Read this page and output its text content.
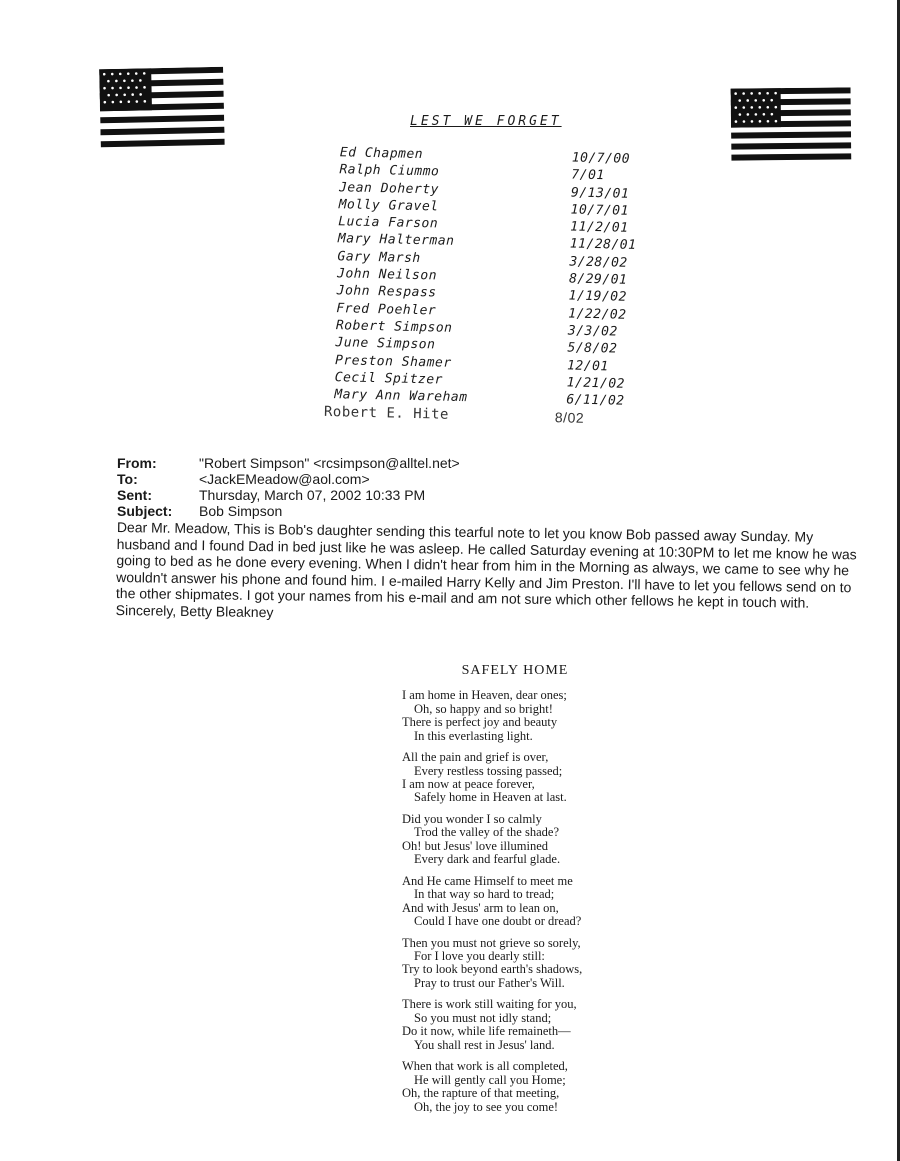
LEST WE FORGET
Ed Chapmen	10/7/00
Ralph Ciummo	7/01
Jean Doherty	9/13/01
Molly Gravel	10/7/01
Lucia Farson	11/2/01
Mary Halterman	11/28/01
Gary Marsh	3/28/02
John Neilson	8/29/01
John Respass	1/19/02
Fred Poehler	1/22/02
Robert Simpson	3/3/02
June Simpson	5/8/02
Preston Shamer	12/01
Cecil Spitzer	1/21/02
Mary Ann Wareham	6/11/02
Robert E. Hite	8/02
From:	"Robert Simpson" <rcsimpson@alltel.net>
To:	<JackEMeadow@aol.com>
Sent:	Thursday, March 07, 2002 10:33 PM
Subject:	Bob Simpson
Dear Mr. Meadow, This is Bob's daughter sending this tearful note to let you know Bob passed away Sunday. My husband and I found Dad in bed just like he was asleep. He called Saturday evening at 10:30PM to let me know he was going to bed as he done every evening. When I didn't hear from him in the Morning as always, we came to see why he wouldn't answer his phone and found him. I e-mailed Harry Kelly and Jim Preston. I'll have to let you fellows send on to the other shipmates. I got your names from his e-mail and am not sure which other fellows he kept in touch with. Sincerely, Betty Bleakney
SAFELY HOME
I am home in Heaven, dear ones;
Oh, so happy and so bright!
There is perfect joy and beauty
In this everlasting light.
All the pain and grief is over,
Every restless tossing passed;
I am now at peace forever,
Safely home in Heaven at last.
Did you wonder I so calmly
Trod the valley of the shade?
Oh! but Jesus' love illumined
Every dark and fearful glade.
And He came Himself to meet me
In that way so hard to tread;
And with Jesus' arm to lean on,
Could I have one doubt or dread?
Then you must not grieve so sorely,
For I love you dearly still:
Try to look beyond earth's shadows,
Pray to trust our Father's Will.
There is work still waiting for you,
So you must not idly stand;
Do it now, while life remaineth—
You shall rest in Jesus' land.
When that work is all completed,
He will gently call you Home;
Oh, the rapture of that meeting,
Oh, the joy to see you come!
